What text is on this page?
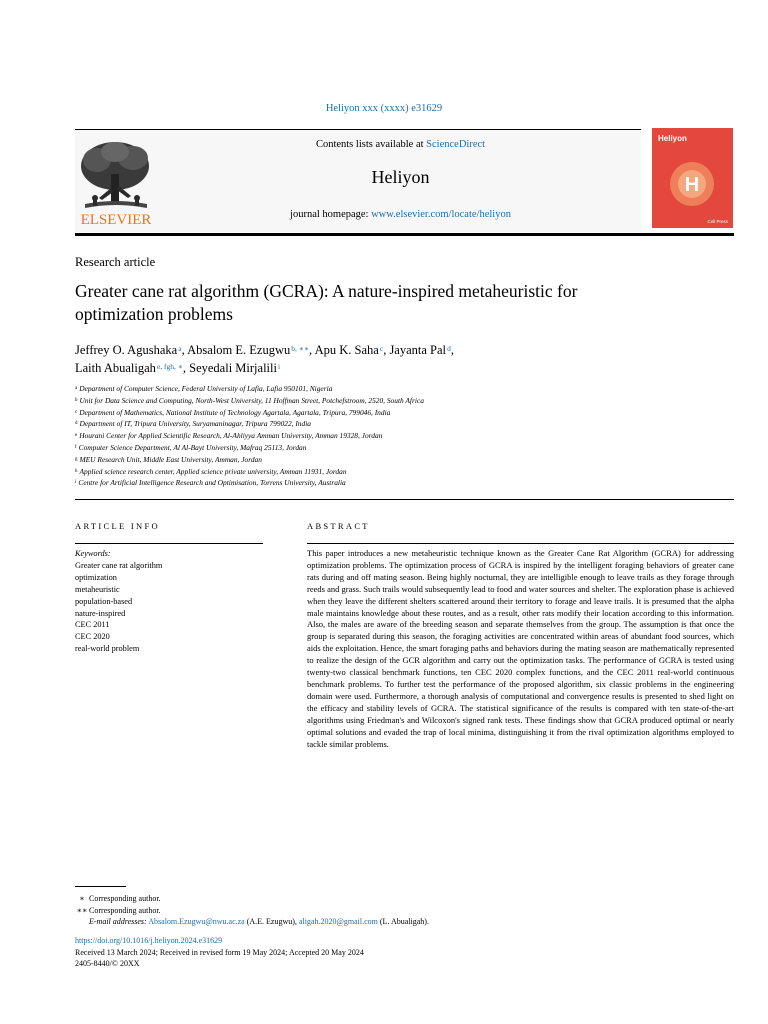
Heliyon xxx (xxxx) e31629
ELSEVIER
Contents lists available at ScienceDirect
Heliyon
journal homepage: www.elsevier.com/locate/heliyon
Heliyon
H
Cell Press
Research article
Greater cane rat algorithm (GCRA): A nature-inspired metaheuristic for optimization problems
Jeffrey O. Agushaka $^a$, Absalom E. Ezugwu $^{b, ∗∗}$, Apu K. Saha $^c$, Jayanta Pal $^d$,
Laith Abualigah $^{e, fgh, ∗}$, Seyedali Mirjalili $^i$
$^a$ Department of Computer Science, Federal University of Lafia, Lafia 950101, Nigeria
$^b$ Unit for Data Science and Computing, North-West University, 11 Hoffman Street, Potchefstroom, 2520, South Africa
$^c$ Department of Mathematics, National Institute of Technology Agartala, Agartala, Tripura, 799046, India
$^d$ Department of IT, Tripura University, Suryamaninagar, Tripura 799022, India
$^e$ Hourani Center for Applied Scientific Research, Al-Ahliyya Amman University, Amman 19328, Jordan
$^f$ Computer Science Department, Al Al-Bayt University, Mafraq 25113, Jordan
$^g$ MEU Research Unit, Middle East University, Amman, Jordan
$^h$ Applied science research center, Applied science private university, Amman 11931, Jordan
$^i$ Centre for Artificial Intelligence Research and Optimisation, Torrens University, Australia
ARTICLE INFO
Keywords:
Greater cane rat algorithm
optimization
metaheuristic
population-based
nature-inspired
CEC 2011
CEC 2020
real-world problem
ABSTRACT
This paper introduces a new metaheuristic technique known as the Greater Cane Rat Algorithm (GCRA) for addressing optimization problems. The optimization process of GCRA is inspired by the intelligent foraging behaviors of greater cane rats during and off mating season. Being highly nocturnal, they are intelligible enough to leave trails as they forage through reeds and grass. Such trails would subsequently lead to food and water sources and shelter. The exploration phase is achieved when they leave the different shelters scattered around their territory to forage and leave trails. It is presumed that the alpha male maintains knowledge about these routes, and as a result, other rats modify their location according to this information. Also, the males are aware of the breeding season and separate themselves from the group. The assumption is that once the group is separated during this season, the foraging activities are concentrated within areas of abundant food sources, which aids the exploitation. Hence, the smart foraging paths and behaviors during the mating season are mathematically represented to realize the design of the GCR algorithm and carry out the optimization tasks. The performance of GCRA is tested using twenty-two classical benchmark functions, ten CEC 2020 complex functions, and the CEC 2011 real-world continuous benchmark problems. To further test the performance of the proposed algorithm, six classic problems in the engineering domain were used. Furthermore, a thorough analysis of computational and convergence results is presented to shed light on the efficacy and stability levels of GCRA. The statistical significance of the results is compared with ten state-of-the-art algorithms using Friedman's and Wilcoxon's signed rank tests. These findings show that GCRA produced optimal or nearly optimal solutions and evaded the trap of local minima, distinguishing it from the rival optimization algorithms employed to tackle similar problems.
∗ Corresponding author.
∗∗ Corresponding author.
E-mail addresses: Absalom.Ezugwu@nwu.ac.za (A.E. Ezugwu), aligah.2020@gmail.com (L. Abualigah).
https://doi.org/10.1016/j.heliyon.2024.e31629
Received 13 March 2024; Received in revised form 19 May 2024; Accepted 20 May 2024
2405-8440/© 20XX
